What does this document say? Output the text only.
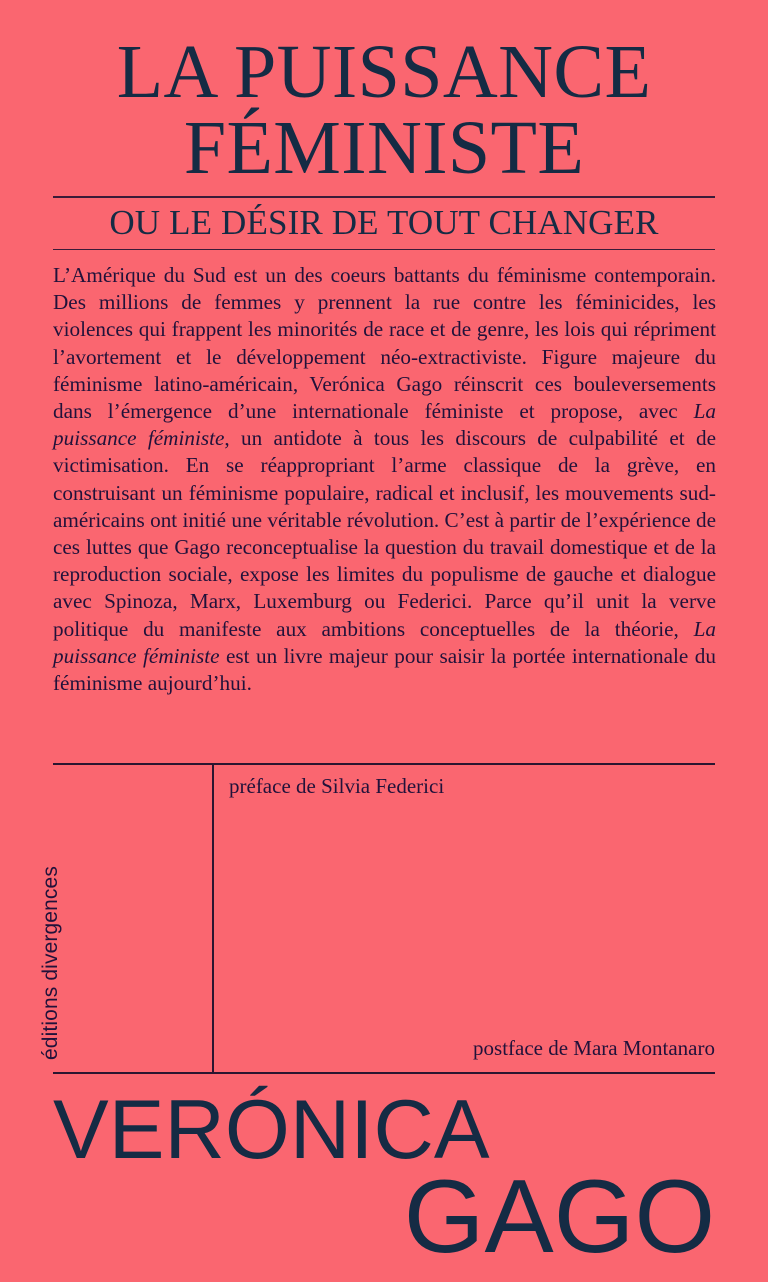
LA PUISSANCE FÉMINISTE
OU LE DÉSIR DE TOUT CHANGER
L’Amérique du Sud est un des coeurs battants du féminisme contemporain. Des millions de femmes y prennent la rue contre les féminicides, les violences qui frappent les minorités de race et de genre, les lois qui répriment l’avortement et le développement néo-extractiviste. Figure majeure du féminisme latino-américain, Verónica Gago réinscrit ces bouleversements dans l’émergence d’une internationale féministe et propose, avec La puissance féministe, un antidote à tous les discours de culpabilité et de victimisation. En se réappropriant l’arme classique de la grève, en construisant un féminisme populaire, radical et inclusif, les mouvements sud-américains ont initié une véritable révolution. C’est à partir de l’expérience de ces luttes que Gago reconceptualise la question du travail domestique et de la reproduction sociale, expose les limites du populisme de gauche et dialogue avec Spinoza, Marx, Luxemburg ou Federici. Parce qu’il unit la verve politique du manifeste aux ambitions conceptuelles de la théorie, La puissance féministe est un livre majeur pour saisir la portée internationale du féminisme aujourd’hui.
préface de Silvia Federici
postface de Mara Montanaro
éditions divergences
VERÓNICA
GAGO
